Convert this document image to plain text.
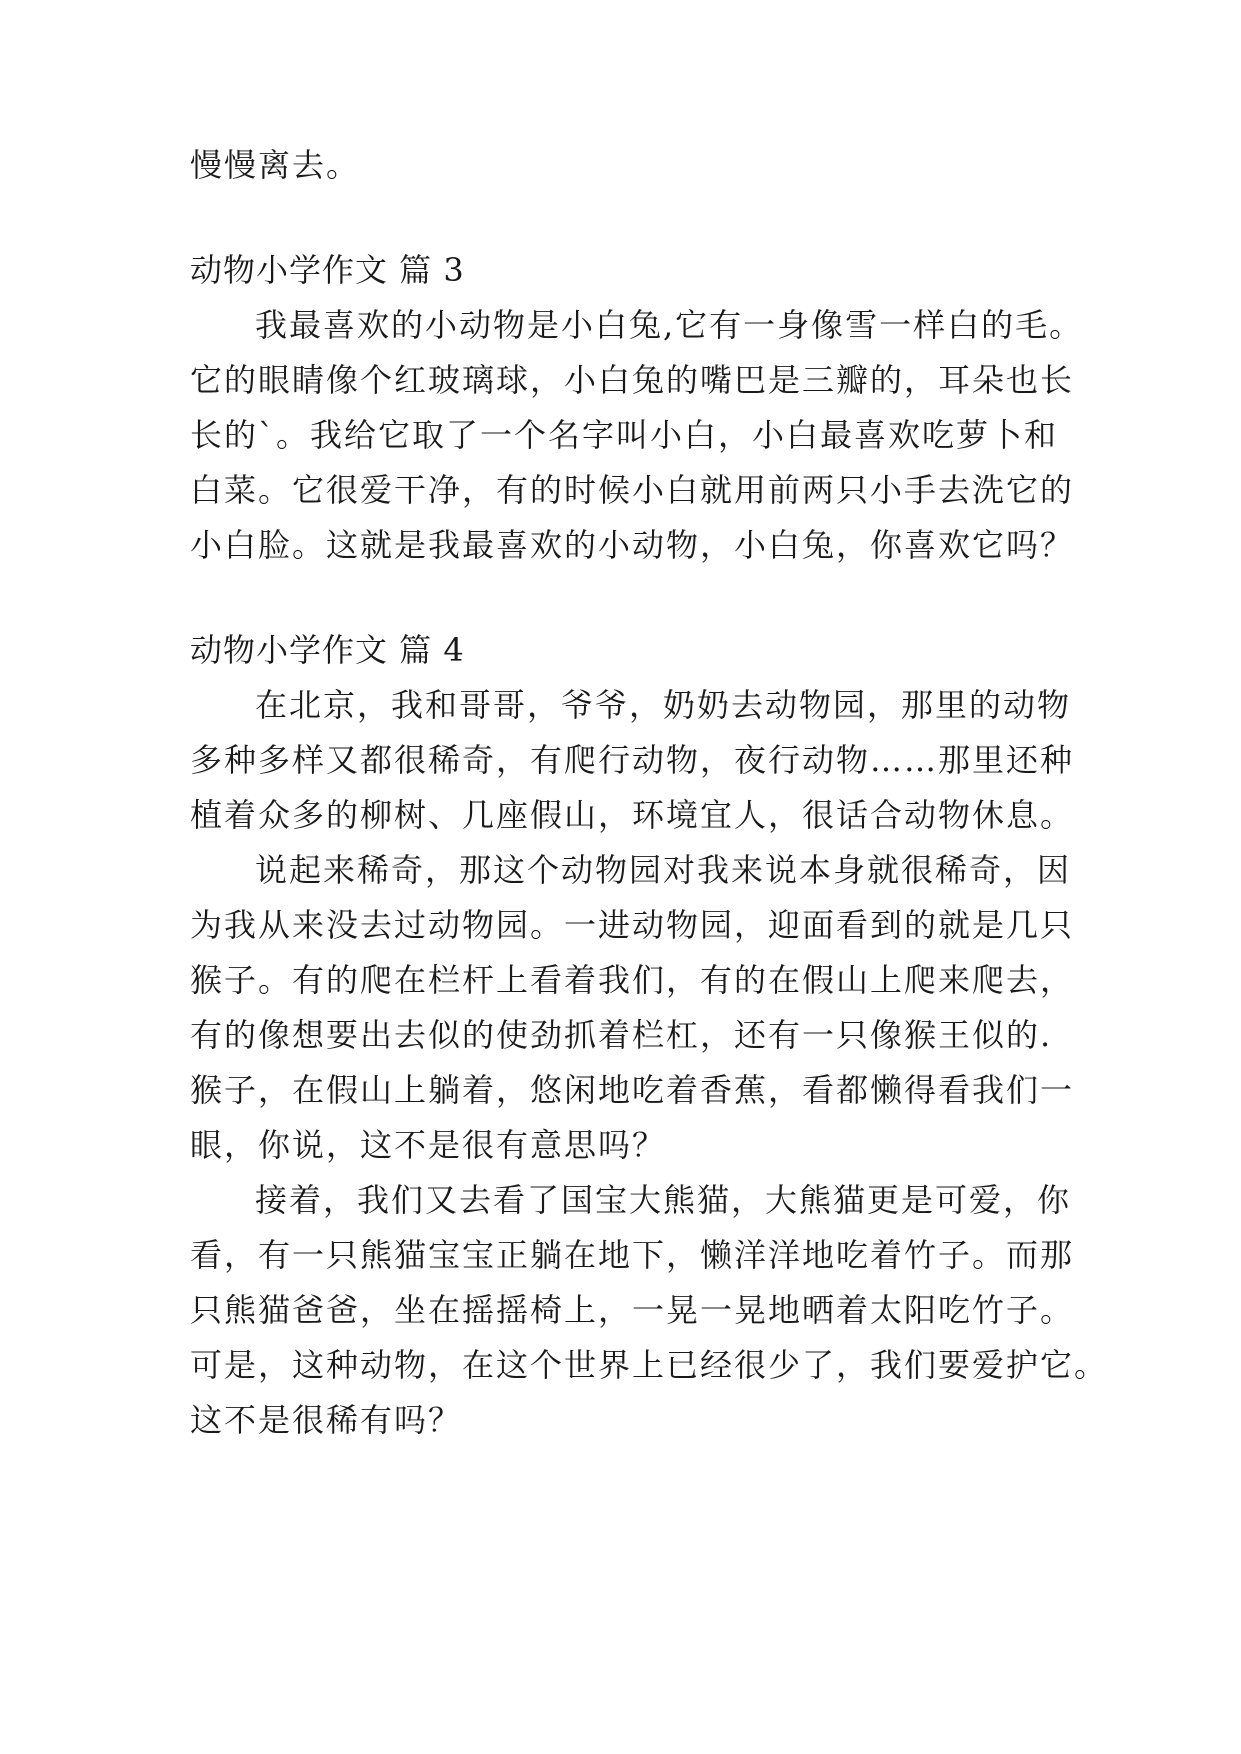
慢慢离去。

动物小学作文 篇 3

我最喜欢的小动物是小白兔,它有一身像雪一样白的毛。

它的眼睛像个红玻璃球，小白兔的嘴巴是三瓣的，耳朵也长

长的`。我给它取了一个名字叫小白，小白最喜欢吃萝卜和

白菜。它很爱干净，有的时候小白就用前两只小手去洗它的

小白脸。这就是我最喜欢的小动物，小白兔，你喜欢它吗？

动物小学作文 篇 4

在北京，我和哥哥，爷爷，奶奶去动物园，那里的动物

多种多样又都很稀奇，有爬行动物，夜行动物……那里还种

植着众多的柳树、几座假山，环境宜人，很话合动物休息。

说起来稀奇，那这个动物园对我来说本身就很稀奇，因

为我从来没去过动物园。一进动物园，迎面看到的就是几只

猴子。有的爬在栏杆上看着我们，有的在假山上爬来爬去，

有的像想要出去似的使劲抓着栏杠，还有一只像猴王似的.

猴子，在假山上躺着，悠闲地吃着香蕉，看都懒得看我们一

眼，你说，这不是很有意思吗？

接着，我们又去看了国宝大熊猫，大熊猫更是可爱，你

看，有一只熊猫宝宝正躺在地下，懒洋洋地吃着竹子。而那

只熊猫爸爸，坐在摇摇椅上，一晃一晃地晒着太阳吃竹子。

可是，这种动物，在这个世界上已经很少了，我们要爱护它。

这不是很稀有吗？
